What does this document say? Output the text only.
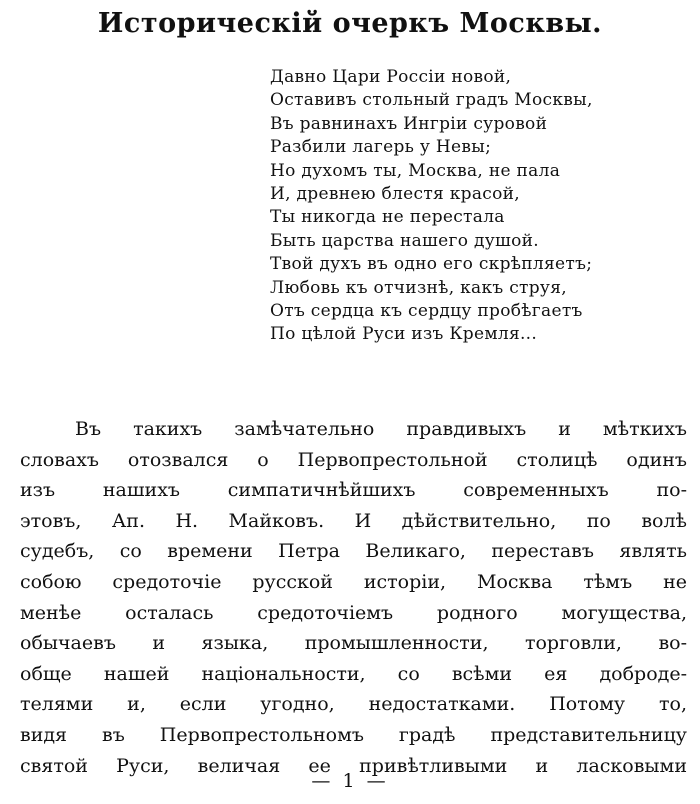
Историческій очеркъ Москвы.
Давно Цари Россіи новой,
Оставивъ стольный градъ Москвы,
Въ равнинахъ Ингріи суровой
Разбили лагерь у Невы;
Но духомъ ты, Москва, не пала
И, древнею блестя красой,
Ты никогда не перестала
Быть царства нашего душой.
Твой духъ въ одно его скрѣпляетъ;
Любовь къ отчизнѣ, какъ струя,
Отъ сердца къ сердцу пробѣгаетъ
По цѣлой Руси изъ Кремля...
Въ такихъ замѣчательно правдивыхъ и мѣткихъ
словахъ отозвался о Первопрестольной столицѣ одинъ
изъ нашихъ симпатичнѣйшихъ современныхъ по-
этовъ, Ап. Н. Майковъ. И дѣйствительно, по волѣ
судебъ, со времени Петра Великаго, переставъ являть
собою средоточіе русской исторіи, Москва тѣмъ не
менѣе осталась средоточіемъ родного могущества,
обычаевъ и языка, промышленности, торговли, во-
обще нашей національности, со всѣми ея доброде-
телями и, если угодно, недостатками. Потому то,
видя въ Первопрестольномъ градѣ представительницу
святой Руси, величая ее привѣтливыми и ласковыми
— 1 —
